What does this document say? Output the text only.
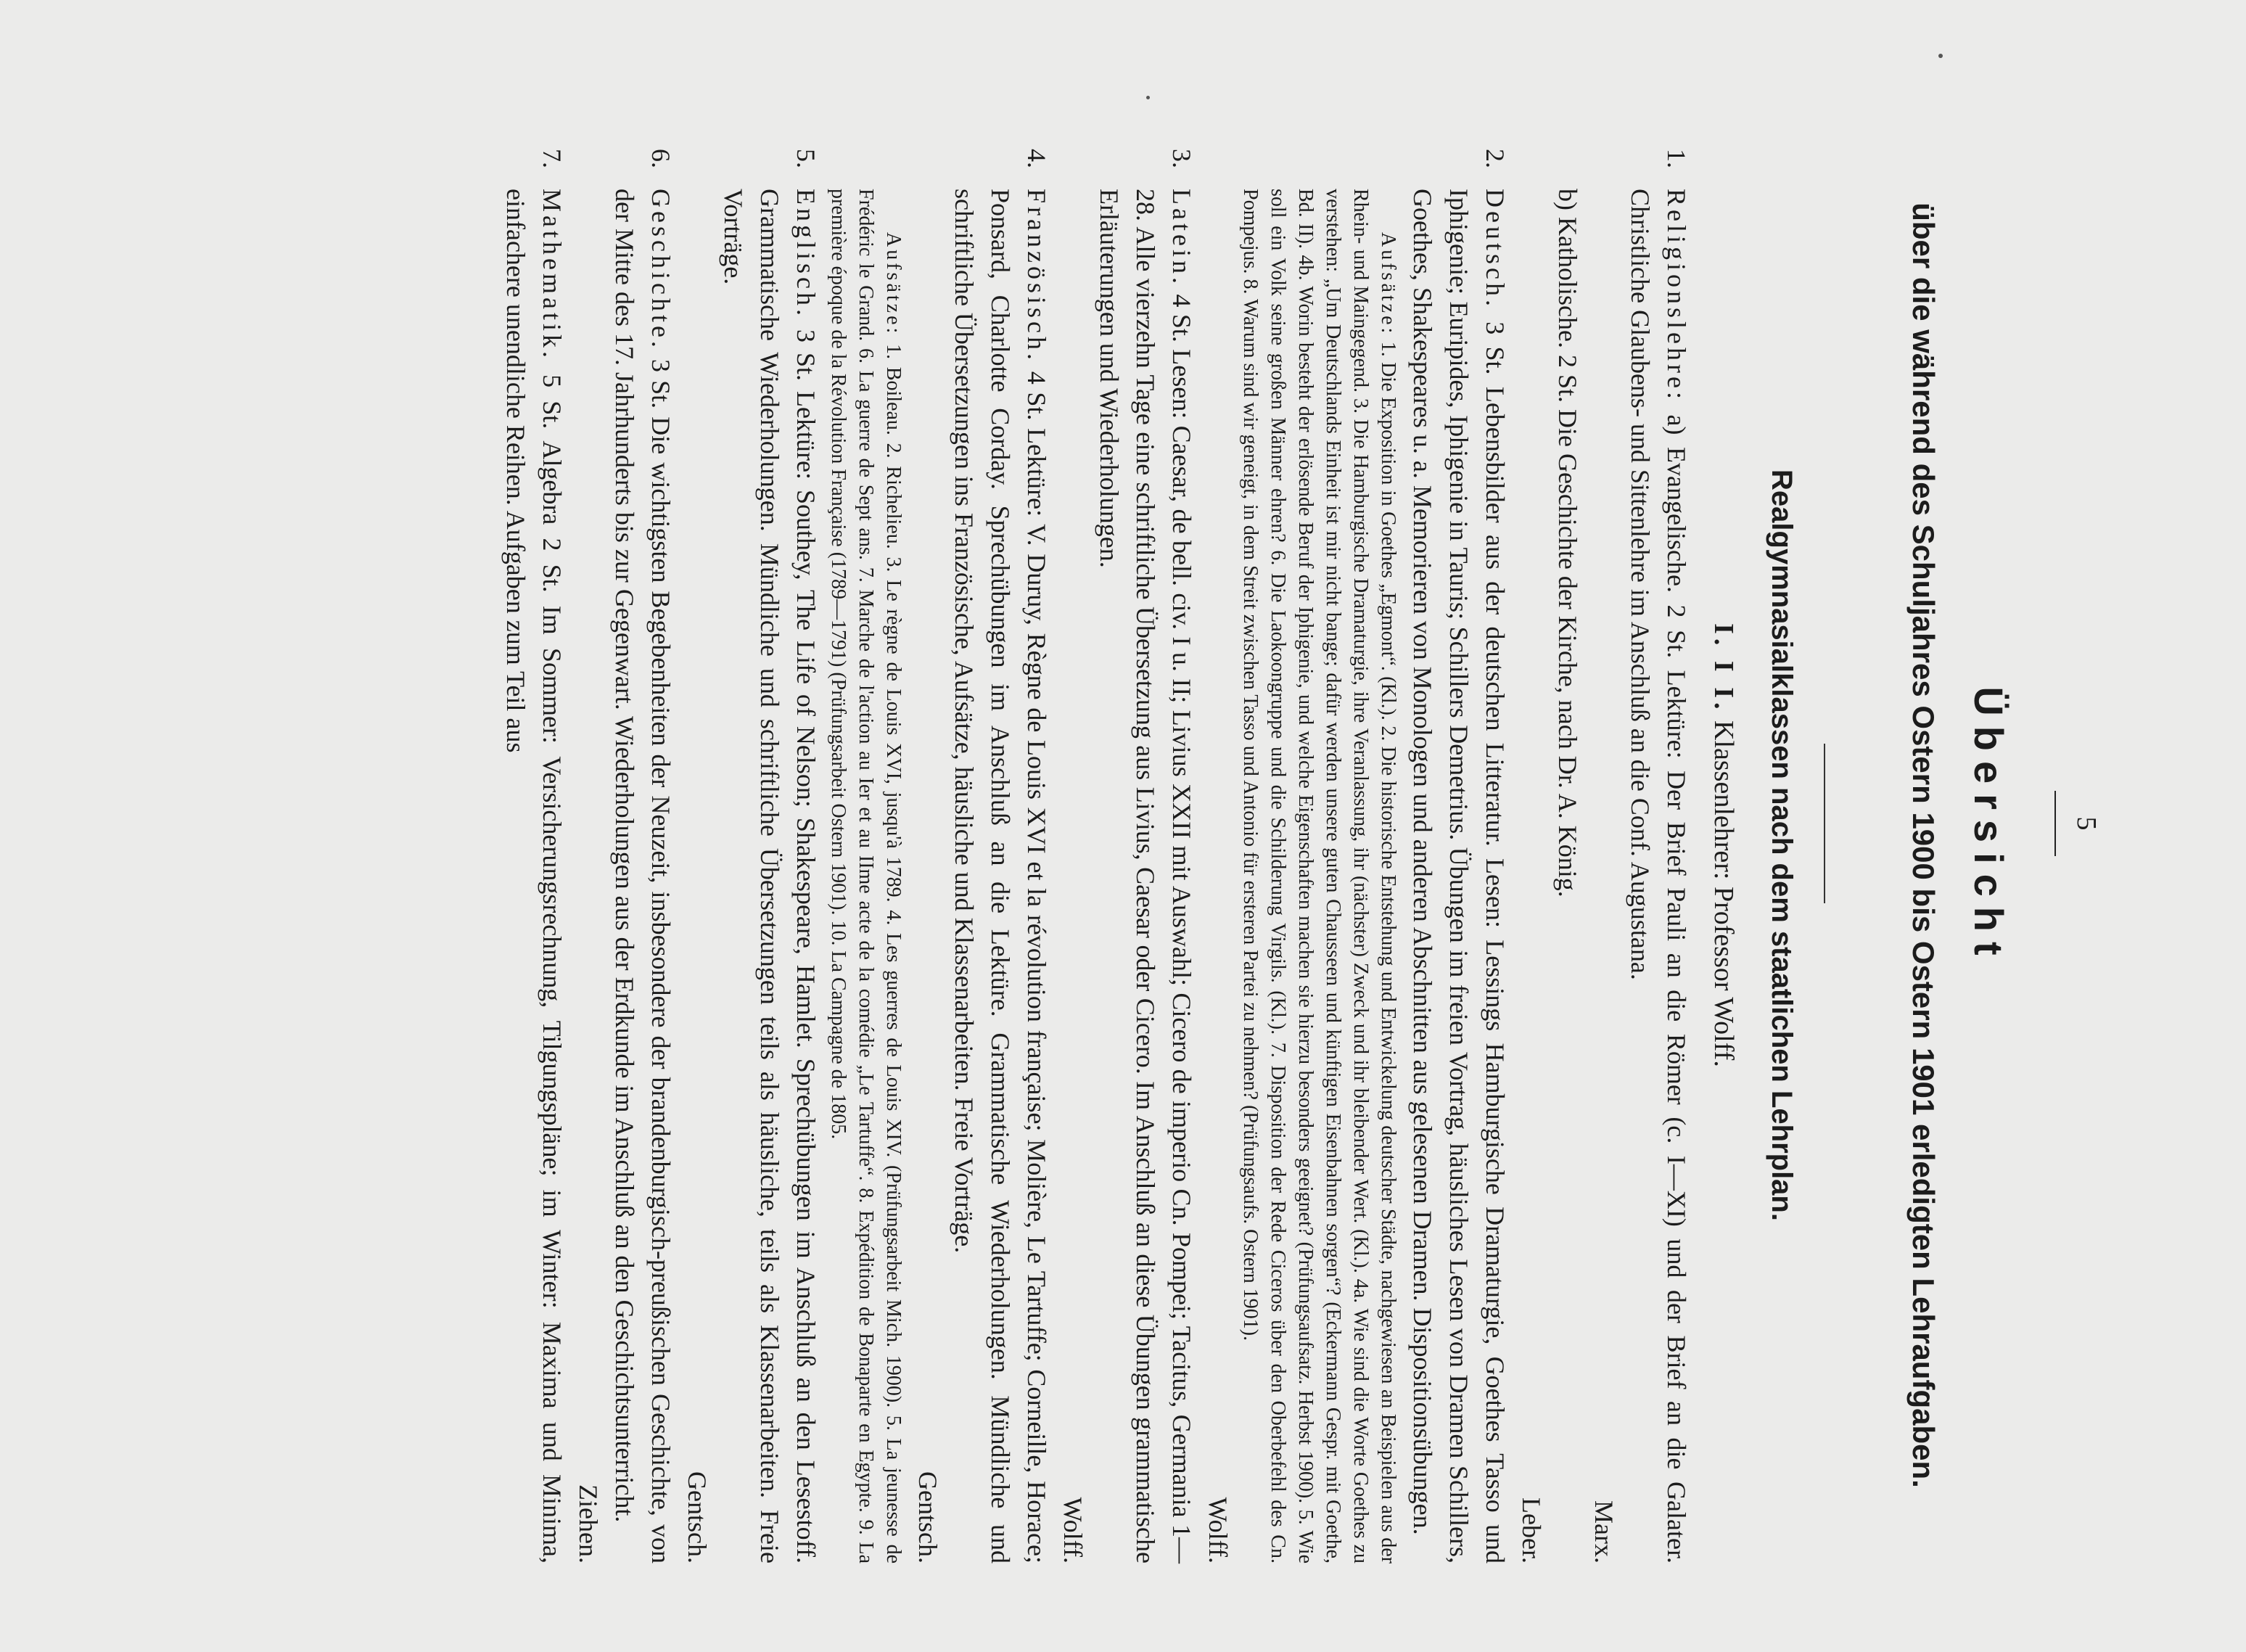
5
Übersicht
über die während des Schuljahres Ostern 1900 bis Ostern 1901 erledigten Lehraufgaben.
Realgymnasialklassen nach dem staatlichen Lehrplan.
I. I I. Klassenlehrer: Professor Wolff.
1.

Religionslehre: a) Evangelische. 2 St. Lektüre: Der Brief Pauli an die Römer (c. I—XI) und der Brief an die Galater. Christliche Glaubens- und Sittenlehre im Anschluß an die Conf. Augustana.

Marx.

b) Katholische. 2 St. Die Geschichte der Kirche, nach Dr. A. König.

Leber.

2.

Deutsch. 3 St. Lebensbilder aus der deutschen Litteratur. Lesen: Lessings Hamburgische Dramaturgie, Goethes Tasso und Iphigenie; Euripides, Iphigenie in Tauris; Schillers Demetrius. Übungen im freien Vortrag, häusliches Lesen von Dramen Schillers, Goethes, Shakespeares u. a. Memorieren von Monologen und anderen Abschnitten aus gelesenen Dramen. Dispositionsübungen.

Aufsätze: 1. Die Exposition in Goethes „Egmont“. (Kl.). 2. Die historische Entstehung und Entwickelung deutscher Städte, nachgewiesen an Beispielen aus der Rhein- und Maingegend. 3. Die Hamburgische Dramaturgie, ihre Veranlassung, ihr (nächster) Zweck und ihr bleibender Wert. (Kl.). 4a. Wie sind die Worte Goethes zu verstehen: „Um Deutschlands Einheit ist mir nicht bange; dafür werden unsere guten Chausseen und künftigen Eisenbahnen sorgen“? (Eckermann Gespr. mit Goethe, Bd. II). 4b. Worin besteht der erlösende Beruf der Iphigenie, und welche Eigenschaften machen sie hierzu besonders geeignet? (Prüfungsaufsatz. Herbst 1900). 5. Wie soll ein Volk seine großen Männer ehren? 6. Die Laokoongruppe und die Schilderung Virgils. (Kl.). 7. Disposition der Rede Ciceros über den Oberbefehl des Cn. Pompejus. 8. Warum sind wir geneigt, in dem Streit zwischen Tasso und Antonio für ersteren Partei zu nehmen? (Prüfungsaufs. Ostern 1901).

Wolff.

3.

Latein. 4 St. Lesen: Caesar, de bell. civ. I u. II; Livius XXII mit Auswahl; Cicero de imperio Cn. Pompei; Tacitus, Germania 1—28. Alle vierzehn Tage eine schriftliche Übersetzung aus Livius, Caesar oder Cicero. Im Anschluß an diese Übungen grammatische Erläuterungen und Wiederholungen.

Wolff.

4.

Französisch. 4 St. Lektüre: V. Duruy, Règne de Louis XVI et la révolution française; Molière, Le Tartuffe; Corneille, Horace; Ponsard, Charlotte Corday. Sprechübungen im Anschluß an die Lektüre. Grammatische Wiederholungen. Mündliche und schriftliche Übersetzungen ins Französische, Aufsätze, häusliche und Klassenarbeiten. Freie Vorträge.

Gentsch.

Aufsätze: 1. Boileau. 2. Richelieu. 3. Le règne de Louis XVI, jusqu'à 1789. 4. Les guerres de Louis XIV. (Prüfungsarbeit Mich. 1900). 5. La jeunesse de Frédéric le Grand. 6. La guerre de Sept ans. 7. Marche de l'action au Ier et au IIme acte de la comédie „Le Tartuffe“. 8. Expédition de Bonaparte en Egypte. 9. La première époque de la Révolution Française (1789—1791) (Prüfungsarbeit Ostern 1901). 10. La Campagne de 1805.

5.

Englisch. 3 St. Lektüre: Southey, The Life of Nelson; Shakespeare, Hamlet. Sprechübungen im Anschluß an den Lesestoff. Grammatische Wiederholungen. Mündliche und schriftliche Übersetzungen teils als häusliche, teils als Klassenarbeiten. Freie Vorträge.

Gentsch.

6.

Geschichte. 3 St. Die wichtigsten Begebenheiten der Neuzeit, insbesondere der brandenburgisch-preußischen Geschichte, von der Mitte des 17. Jahrhunderts bis zur Gegenwart. Wiederholungen aus der Erdkunde im Anschluß an den Geschichtsunterricht.

Ziehen.

7.

Mathematik. 5 St. Algebra 2 St. Im Sommer: Versicherungsrechnung, Tilgungspläne; im Winter: Maxima und Minima, einfachere unendliche Reihen. Aufgaben zum Teil aus
